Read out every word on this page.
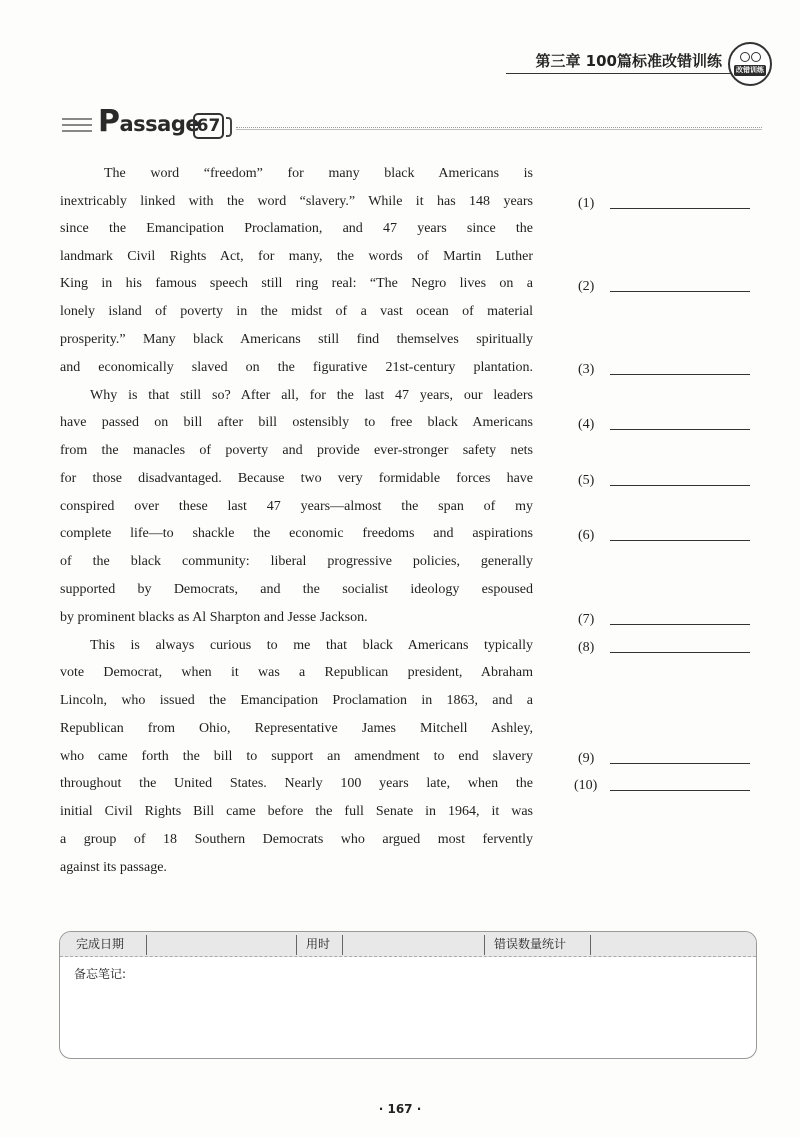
第三章 100篇标准改错训练 改错训练
Passage
67
The word “freedom” for many black Americans is
inextricably linked with the word “slavery.” While it has 148 years
since the Emancipation Proclamation, and 47 years since the
landmark Civil Rights Act, for many, the words of Martin Luther
King in his famous speech still ring real: “The Negro lives on a
lonely island of poverty in the midst of a vast ocean of material
prosperity.” Many black Americans still find themselves spiritually
and economically slaved on the figurative 21st-century plantation.
Why is that still so? After all, for the last 47 years, our leaders
have passed on bill after bill ostensibly to free black Americans
from the manacles of poverty and provide ever-stronger safety nets
for those disadvantaged. Because two very formidable forces have
conspired over these last 47 years—almost the span of my
complete life—to shackle the economic freedoms and aspirations
of the black community: liberal progressive policies, generally
supported by Democrats, and the socialist ideology espoused
by prominent blacks as Al Sharpton and Jesse Jackson.
This is always curious to me that black Americans typically
vote Democrat, when it was a Republican president, Abraham
Lincoln, who issued the Emancipation Proclamation in 1863, and a
Republican from Ohio, Representative James Mitchell Ashley,
who came forth the bill to support an amendment to end slavery
throughout the United States. Nearly 100 years late, when the
initial Civil Rights Bill came before the full Senate in 1964, it was
a group of 18 Southern Democrats who argued most fervently
against its passage.
(1)
(2)
(3)
(4)
(5)
(6)
(7)
(8)
(9)
(10)
完成日期	用时	错误数量统计
备忘笔记:
· 167 ·
